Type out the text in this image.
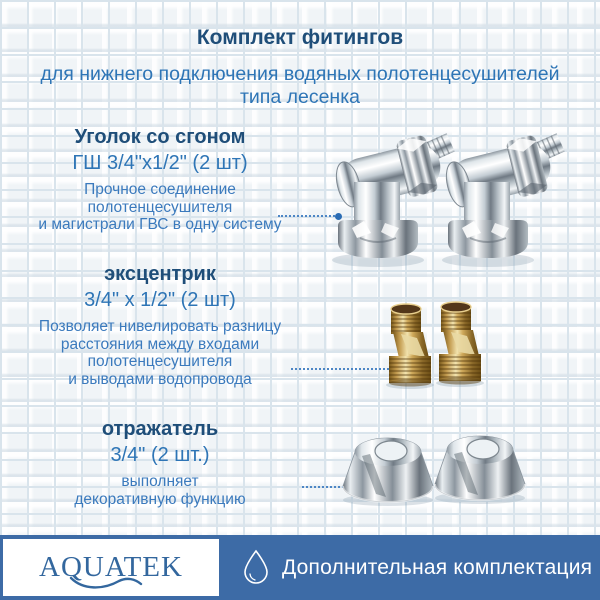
Комплект фитингов
для нижнего подключения водяных полотенцесушителей
типа лесенка
Уголок со сгоном
ГШ 3/4"х1/2" (2 шт)
Прочное соединение
полотенцесушителя
и магистрали ГВС в одну систему
эксцентрик
3/4" х 1/2" (2 шт)
Позволяет нивелировать разницу
расстояния между входами
полотенцесушителя
и выводами водопровода
отражатель
3/4" (2 шт.)
выполняет
декоративную функцию
AQUATEK	Дополнительная комплектация
